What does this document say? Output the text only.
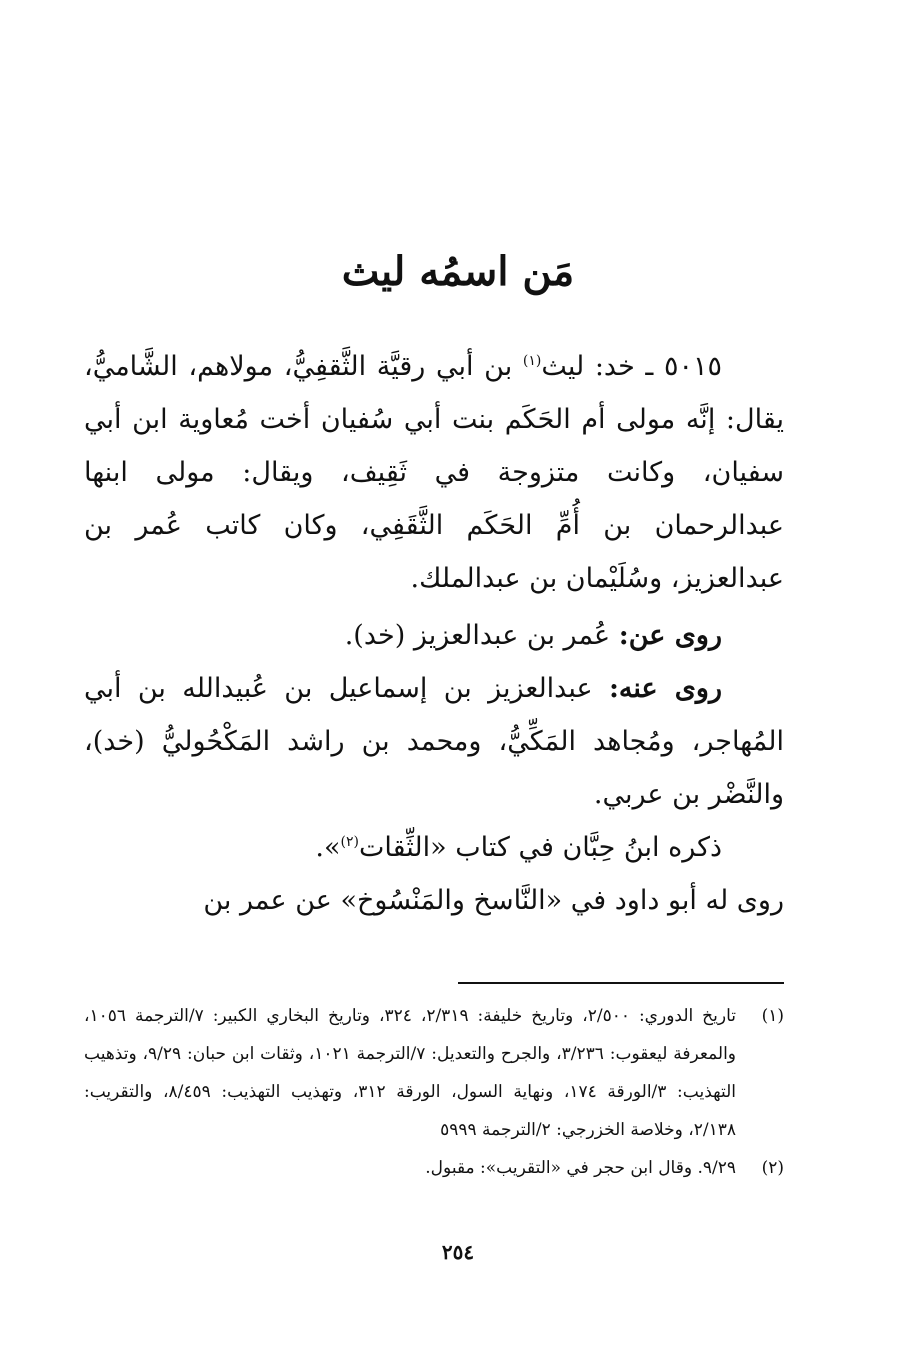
مَن اسمُه ليث

٥٠١٥ ـ خد: ليث$^{(١)}$ بن أبي رقيَّة الثَّقفِيُّ، مولاهم، الشَّاميُّ، يقال: إنَّه مولى أم الحَكَم بنت أبي سُفيان أخت مُعاوية ابن أبي سفيان، وكانت متزوجة في ثَقِيف، ويقال: مولى ابنها عبدالرحمان بن أُمِّ الحَكَم الثَّقَفِي، وكان كاتب عُمر بن عبدالعزيز، وسُلَيْمان بن عبدالملك.

روى عن: عُمر بن عبدالعزيز (خد).

روى عنه: عبدالعزيز بن إسماعيل بن عُبيدالله بن أبي المُهاجر، ومُجاهد المَكِّيُّ، ومحمد بن راشد المَكْحُوليُّ (خد)، والنَّضْر بن عربي.

ذكره ابنُ حِبَّان في كتاب «الثِّقات$^{(٢)}$».

روى له أبو داود في «النَّاسخ والمَنْسُوخ» عن عمر بن

(١)
تاريخ الدوري: ٢/٥٠٠، وتاريخ خليفة: ٢/٣١٩، ٣٢٤، وتاريخ البخاري الكبير: ٧/الترجمة ١٠٥٦، والمعرفة ليعقوب: ٣/٢٣٦، والجرح والتعديل: ٧/الترجمة ١٠٢١، وثقات ابن حبان: ٩/٢٩، وتذهيب التهذيب: ٣/الورقة ١٧٤، ونهاية السول، الورقة ٣١٢، وتهذيب التهذيب: ٨/٤٥٩، والتقريب: ٢/١٣٨، وخلاصة الخزرجي: ٢/الترجمة ٥٩٩٩
(٢)
٩/٢٩. وقال ابن حجر في «التقريب»: مقبول.
٢٥٤
